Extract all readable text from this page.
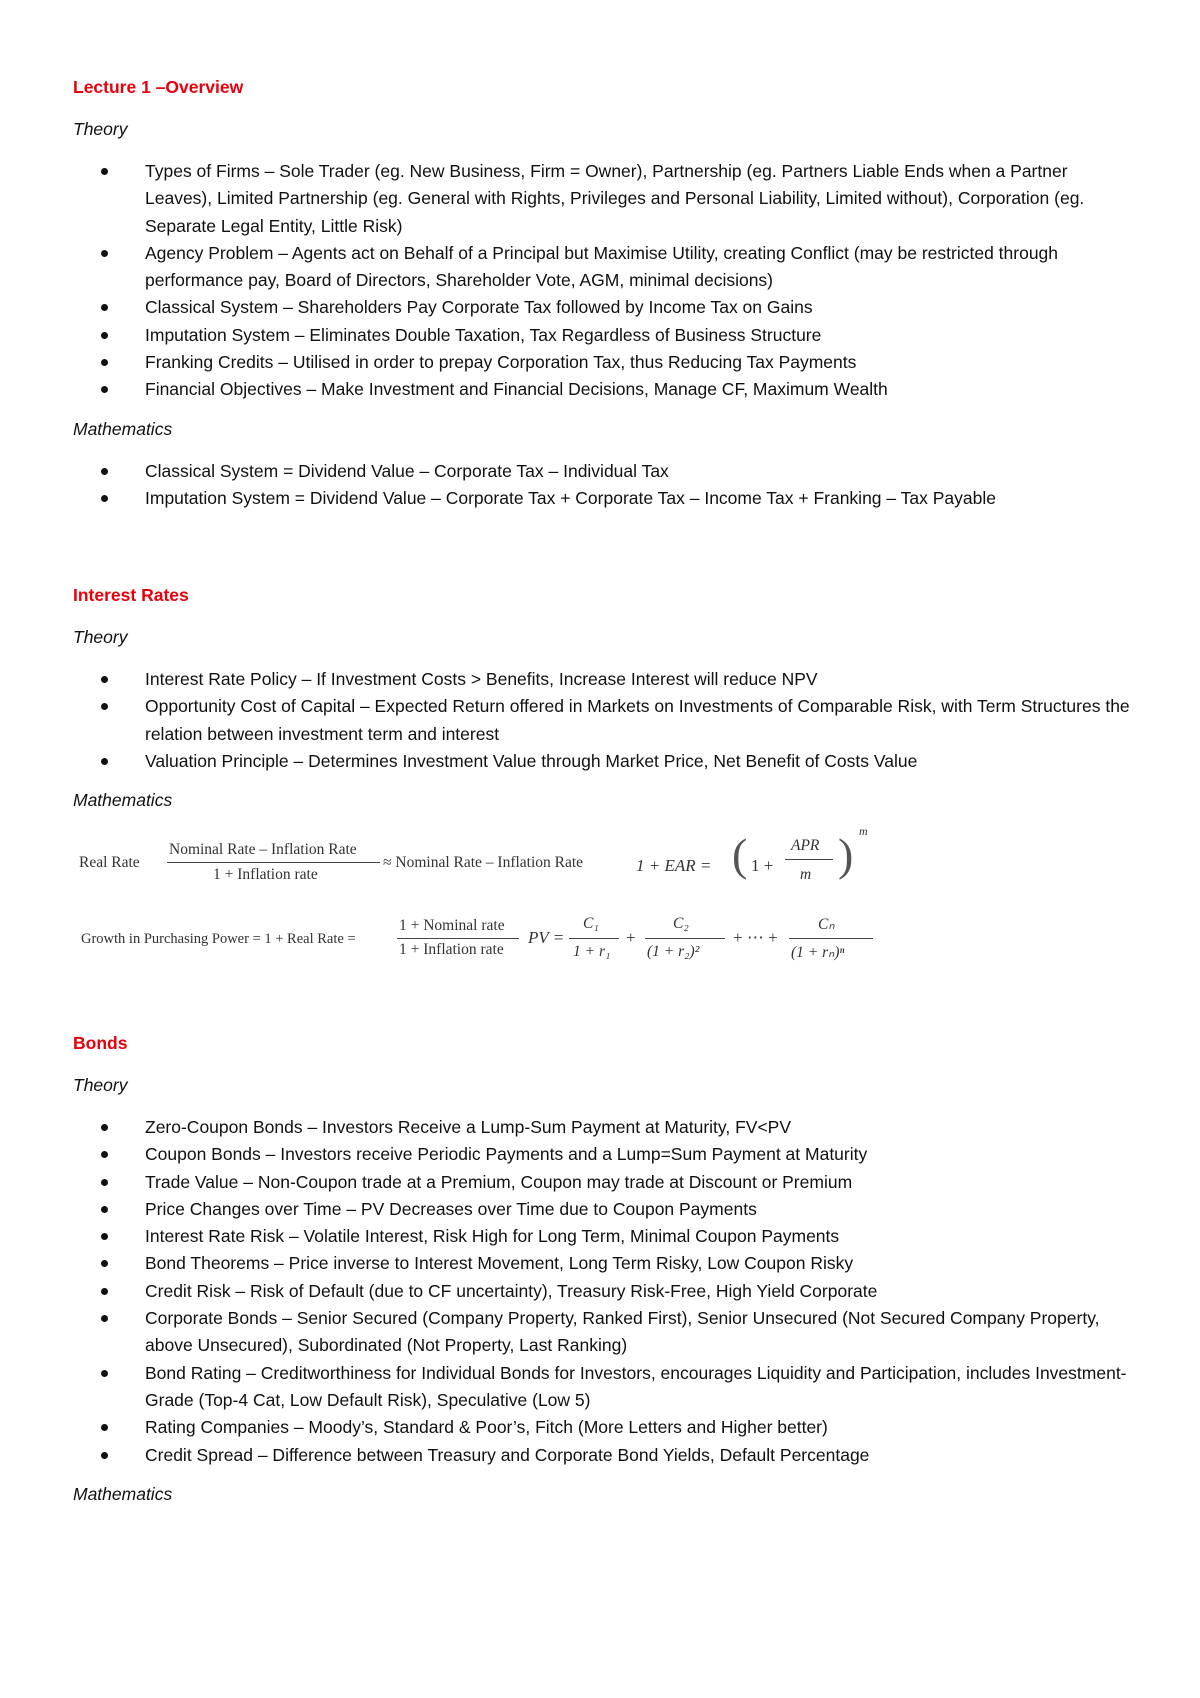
Lecture 1 –Overview
Theory
Types of Firms – Sole Trader (eg. New Business, Firm = Owner), Partnership (eg. Partners Liable Ends when a Partner Leaves), Limited Partnership (eg. General with Rights, Privileges and Personal Liability, Limited without), Corporation (eg. Separate Legal Entity, Little Risk)
Agency Problem – Agents act on Behalf of a Principal but Maximise Utility, creating Conflict (may be restricted through performance pay, Board of Directors, Shareholder Vote, AGM, minimal decisions)
Classical System – Shareholders Pay Corporate Tax followed by Income Tax on Gains
Imputation System – Eliminates Double Taxation, Tax Regardless of Business Structure
Franking Credits – Utilised in order to prepay Corporation Tax, thus Reducing Tax Payments
Financial Objectives – Make Investment and Financial Decisions, Manage CF, Maximum Wealth
Mathematics
Classical System = Dividend Value – Corporate Tax – Individual Tax
Imputation System = Dividend Value – Corporate Tax + Corporate Tax – Income Tax + Franking – Tax Payable
Interest Rates
Theory
Interest Rate Policy – If Investment Costs > Benefits, Increase Interest will reduce NPV
Opportunity Cost of Capital – Expected Return offered in Markets on Investments of Comparable Risk, with Term Structures the relation between investment term and interest
Valuation Principle – Determines Investment Value through Market Price, Net Benefit of Costs Value
Mathematics
Real Rate
Nominal Rate – Inflation Rate
1 + Inflation rate
≈ Nominal Rate – Inflation Rate	1 + EAR = ( 1 +
APR
m ) m
Growth in Purchasing Power = 1 + Real Rate =
1 + Nominal rate
1 + Inflation rate
PV =
C₁
1 + r₁
+
C₂
(1 + r₂)²
+ ⋯ +
Cₙ
(1 + rₙ)ⁿ
Bonds
Theory
Zero-Coupon Bonds – Investors Receive a Lump-Sum Payment at Maturity, FV<PV
Coupon Bonds – Investors receive Periodic Payments and a Lump=Sum Payment at Maturity
Trade Value – Non-Coupon trade at a Premium, Coupon may trade at Discount or Premium
Price Changes over Time – PV Decreases over Time due to Coupon Payments
Interest Rate Risk – Volatile Interest, Risk High for Long Term, Minimal Coupon Payments
Bond Theorems – Price inverse to Interest Movement, Long Term Risky, Low Coupon Risky
Credit Risk – Risk of Default (due to CF uncertainty), Treasury Risk-Free, High Yield Corporate
Corporate Bonds – Senior Secured (Company Property, Ranked First), Senior Unsecured (Not Secured Company Property, above Unsecured), Subordinated (Not Property, Last Ranking)
Bond Rating – Creditworthiness for Individual Bonds for Investors, encourages Liquidity and Participation, includes Investment-Grade (Top-4 Cat, Low Default Risk), Speculative (Low 5)
Rating Companies – Moody’s, Standard & Poor’s, Fitch (More Letters and Higher better)
Credit Spread – Difference between Treasury and Corporate Bond Yields, Default Percentage
Mathematics
